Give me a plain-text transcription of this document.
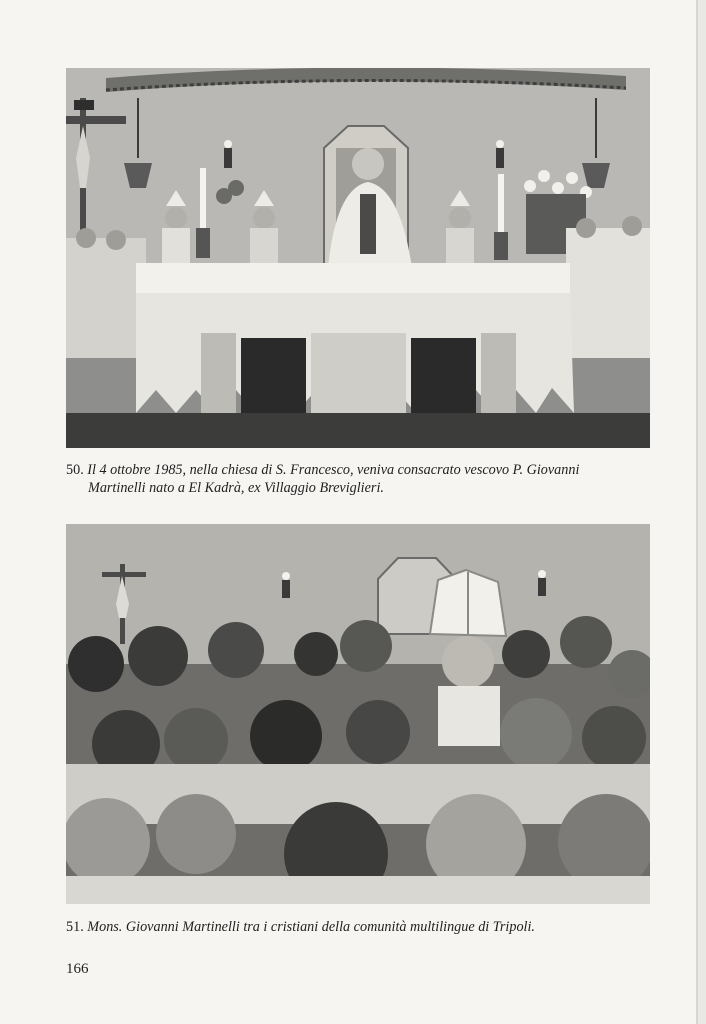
50. Il 4 ottobre 1985, nella chiesa di S. Francesco, veniva consacrato vescovo P. Giovanni
Martinelli nato a El Kadrà, ex Villaggio Breviglieri.
51. Mons. Giovanni Martinelli tra i cristiani della comunità multilingue di Tripoli.
166
